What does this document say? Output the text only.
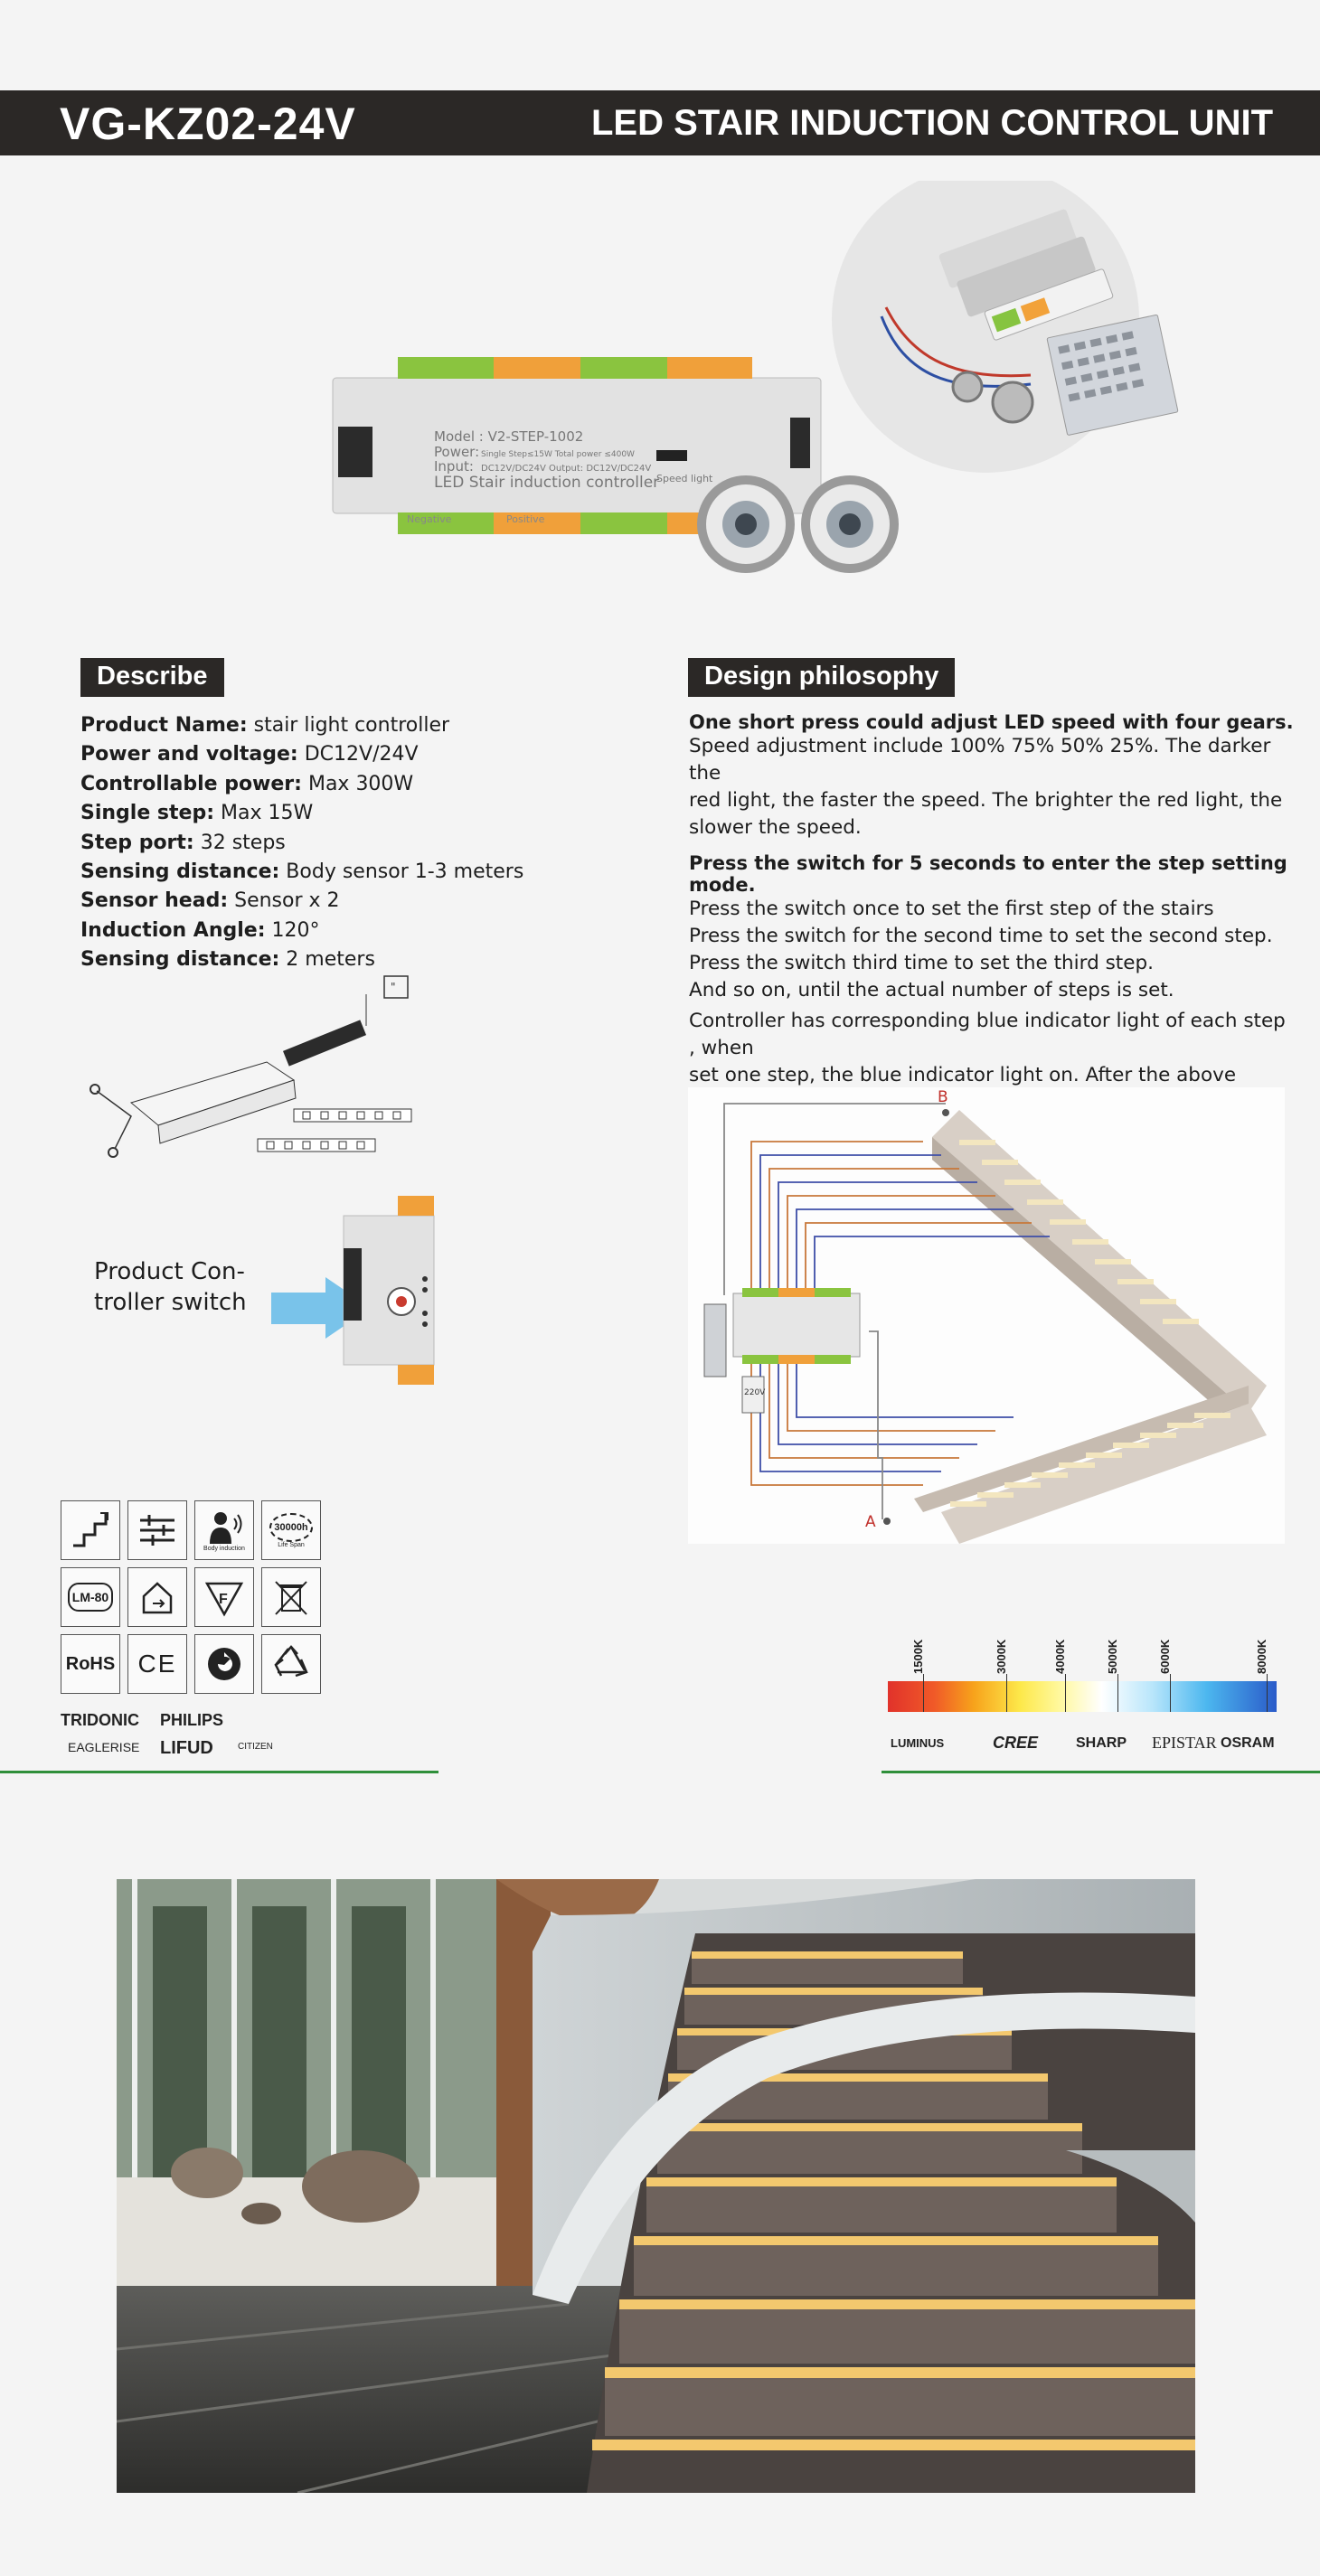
VG-KZ02-24V	LED STAIR INDUCTION CONTROL UNIT
Model : V2-STEP-1002
Power: Single Step≤15W Total power ≤400W
Input: DC12V/DC24V Output: DC12V/DC24V
LED Stair induction controller
Speed light
Negative	Positive
Describe
Product Name: stair light controller
Power and voltage: DC12V/24V
Controllable power: Max 300W
Single step: Max 15W
Step port: 32 steps
Sensing distance: Body sensor 1-3 meters
Sensor head: Sensor x 2
Induction Angle: 120°
Sensing distance: 2 meters
"
Product Con-
troller switch
Design philosophy
One short press could adjust LED speed with four gears.
Speed adjustment include 100% 75% 50% 25%. The darker the
red light, the faster the speed. The brighter the red light, the
slower the speed.
Press the switch for 5 seconds to enter the step setting mode.
Press the switch once to set the first step of the stairs
Press the switch for the second time to set the second step.
Press the switch third time to set the third step.
And so on, until the actual number of steps is set.
Controller has corresponding blue indicator light of each step , when
set one step, the blue indicator light on. After the above
220V
B
A
Body induction
30000h
Life Span
LM-80	F
RoHS CE
TRIDONIC PHILIPS
EAGLERISE LIFUD	CITIZEN
1500K	3000K	4000K	5000K	6000K	8000K
LUMINUS	CREE	SHARP EPISTAR OSRAM
